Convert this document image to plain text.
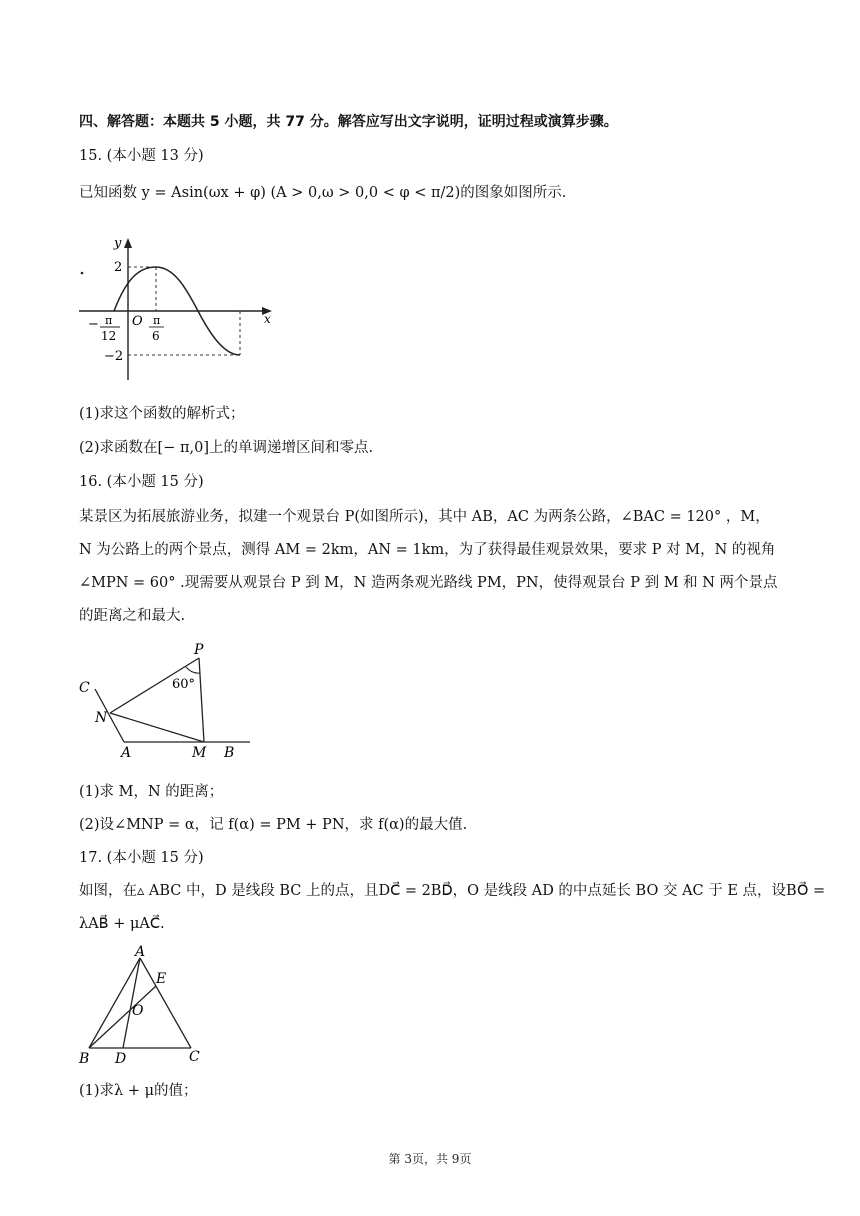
四、解答题：本题共 5 小题，共 77 分。解答应写出文字说明，证明过程或演算步骤。
15. (本小题 13 分)
已知函数 y = Asin(ωx + φ) (A > 0,ω > 0,0 < φ < π/2)的图象如图所示.
y
x
2
−2
O
− π
12
π
6
(1)求这个函数的解析式；
(2)求函数在[− π,0]上的单调递增区间和零点.
16. (本小题 15 分)
某景区为拓展旅游业务，拟建一个观景台 P(如图所示)，其中 AB，AC 为两条公路，∠BAC = 120° ，M，
N 为公路上的两个景点，测得 AM = 2km，AN = 1km，为了获得最佳观景效果，要求 P 对 M，N 的视角
∠MPN = 60° .现需要从观景台 P 到 M，N 造两条观光路线 PM，PN，使得观景台 P 到 M 和 N 两个景点
的距离之和最大.
P
60°
C
N
A	M B
(1)求 M，N 的距离；
(2)设∠MNP = α，记 f(α) = PM + PN，求 f(α)的最大值.
17. (本小题 15 分)
如图，在▵ ABC 中，D 是线段 BC 上的点，且DC⃗ = 2BD⃗，O 是线段 AD 的中点延长 BO 交 AC 于 E 点，设BO⃗ =
λAB⃗ + μAC⃗.
A
E
O
B D	C
(1)求λ + μ的值；
第 3页，共 9页
